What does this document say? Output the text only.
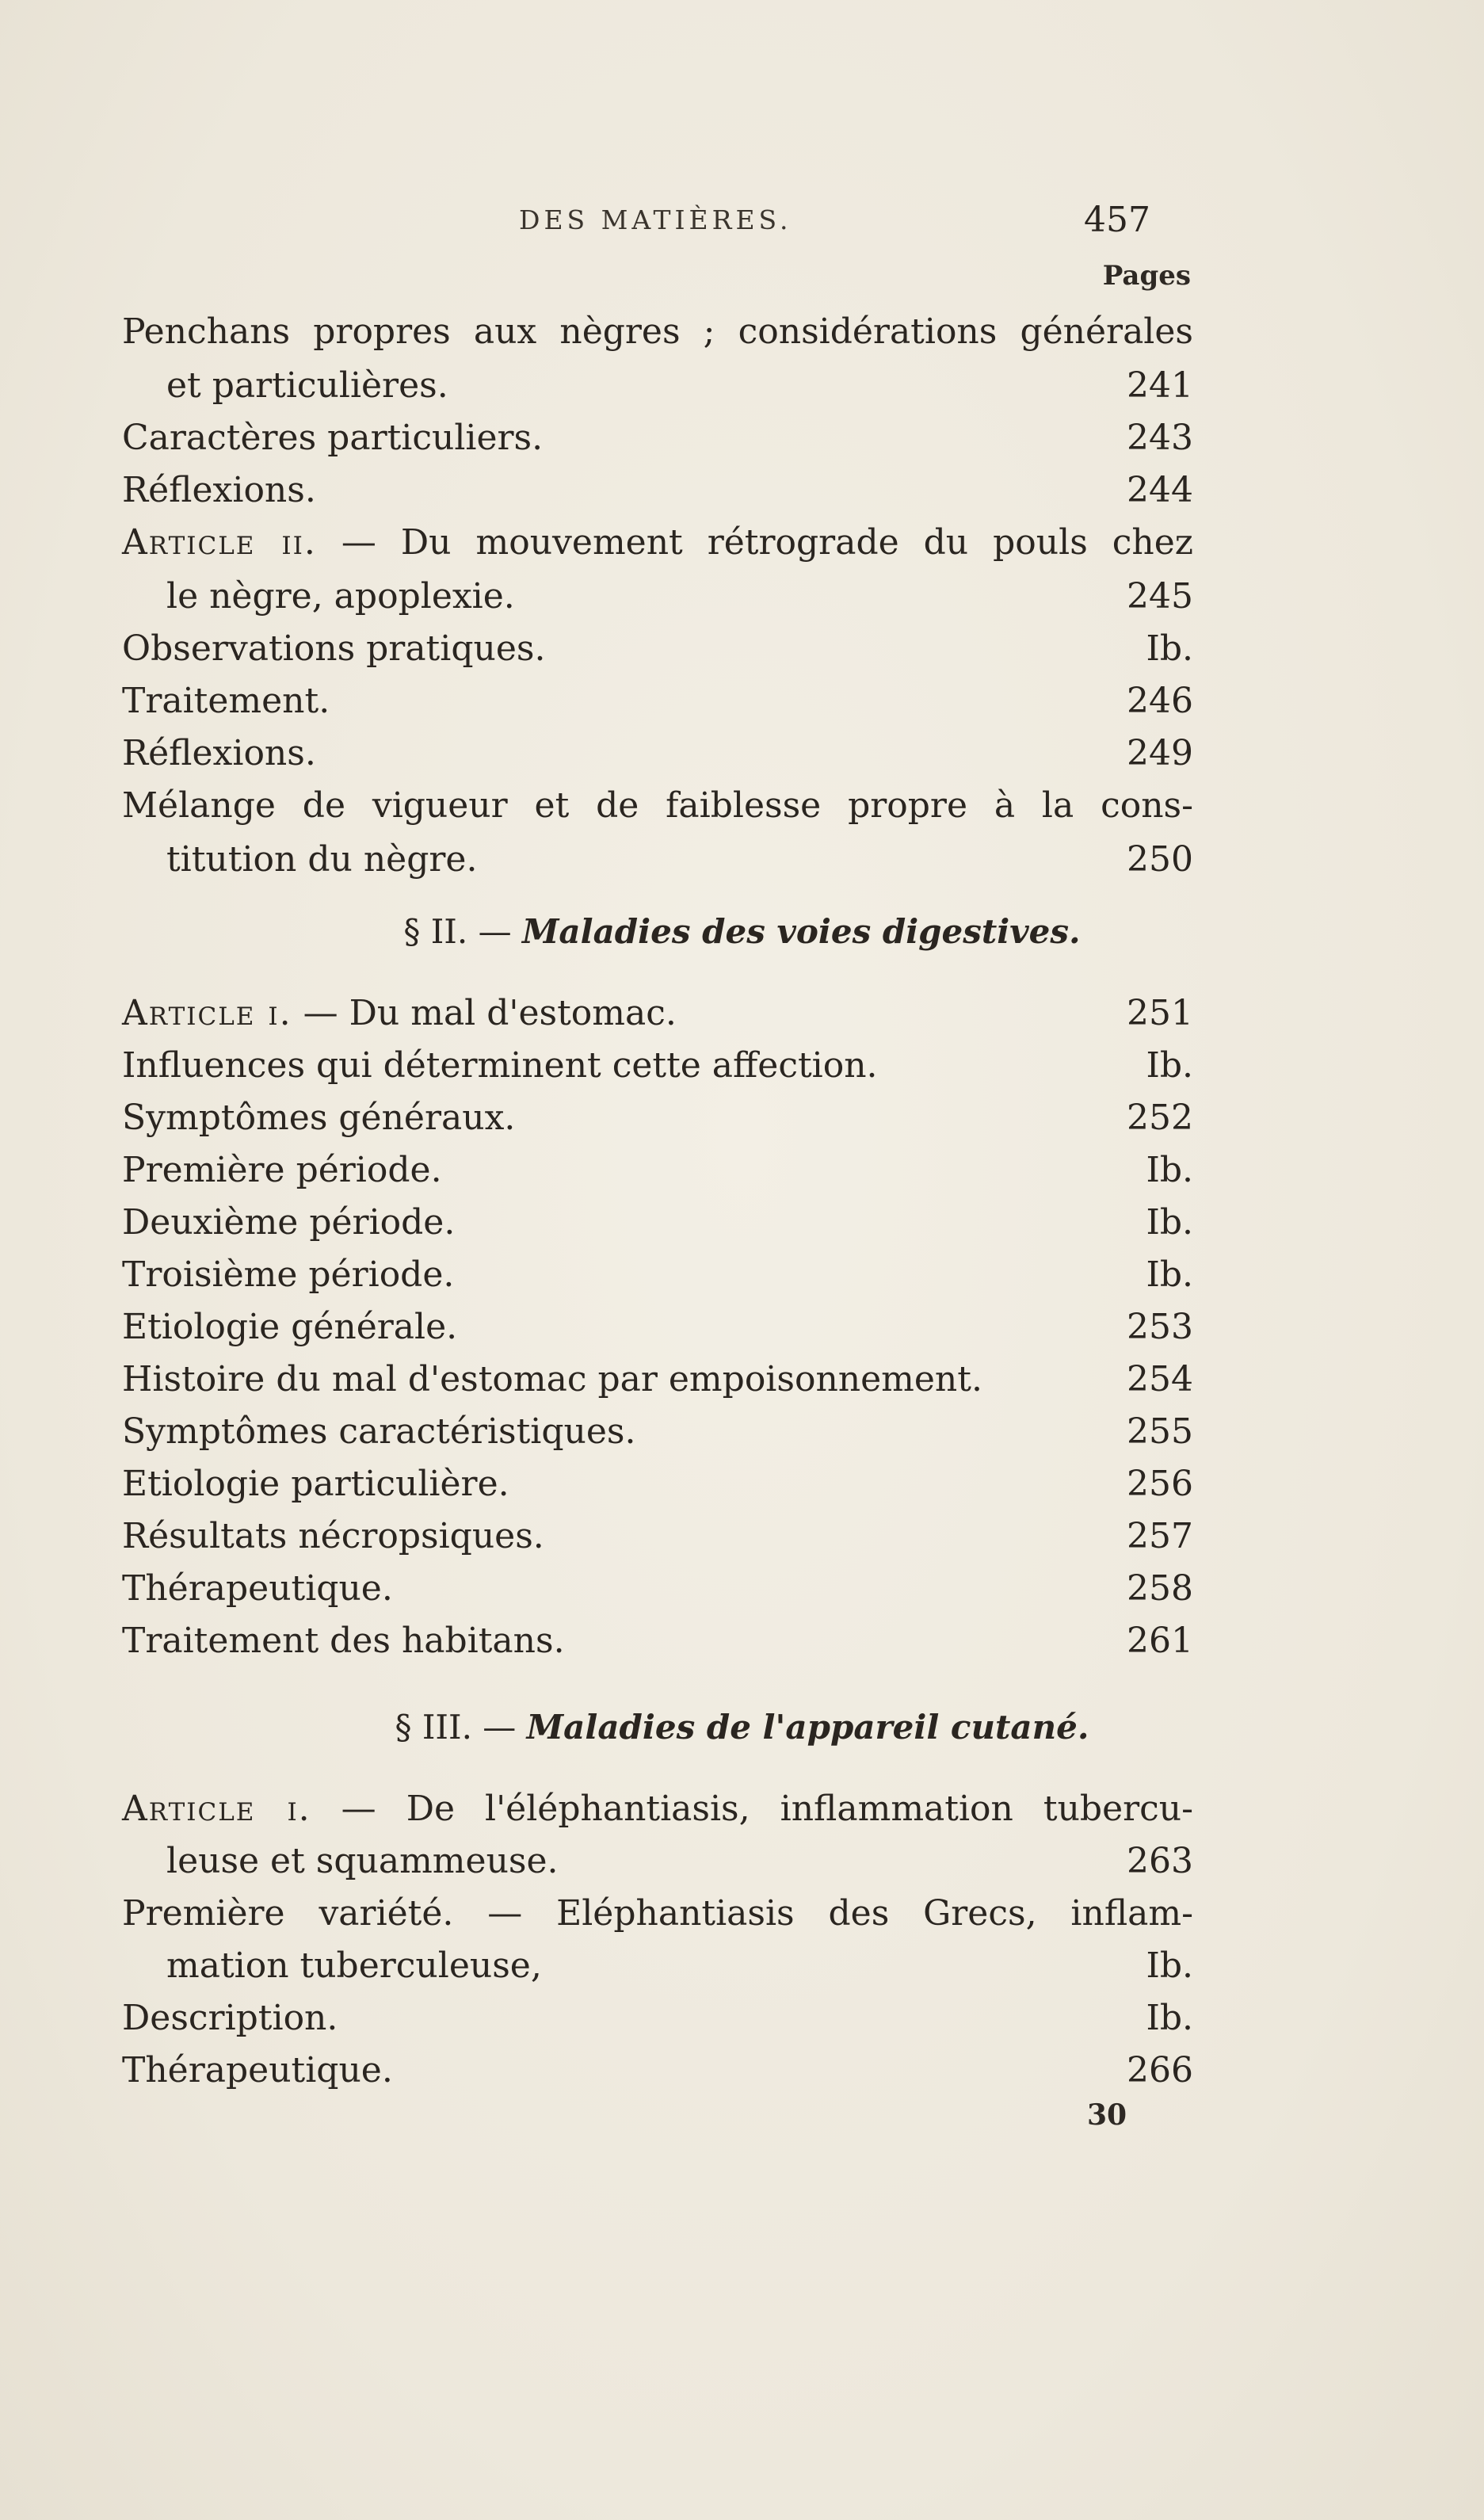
DES MATIÈRES.	457
Pages
Penchans propres aux nègres ; considérations générales
et particulières.	241
Caractères particuliers.	243
Réflexions.	244
Article ii. — Du mouvement rétrograde du pouls chez
le nègre, apoplexie.	245
Observations pratiques.	Ib.
Traitement.	246
Réflexions.	249
Mélange de vigueur et de faiblesse propre à la cons-
titution du nègre.	250
§ II. — Maladies des voies digestives.
Article i. — Du mal d'estomac.	251
Influences qui déterminent cette affection.	Ib.
Symptômes généraux.	252
Première période.	Ib.
Deuxième période.	Ib.
Troisième période.	Ib.
Etiologie générale.	253
Histoire du mal d'estomac par empoisonnement.	254
Symptômes caractéristiques.	255
Etiologie particulière.	256
Résultats nécropsiques.	257
Thérapeutique.	258
Traitement des habitans.	261
§ III. — Maladies de l'appareil cutané.
Article i. — De l'éléphantiasis, inflammation tubercu-
leuse et squammeuse.	263
Première variété. — Eléphantiasis des Grecs, inflam-
mation tuberculeuse,	Ib.
Description.	Ib.
Thérapeutique.	266
30
